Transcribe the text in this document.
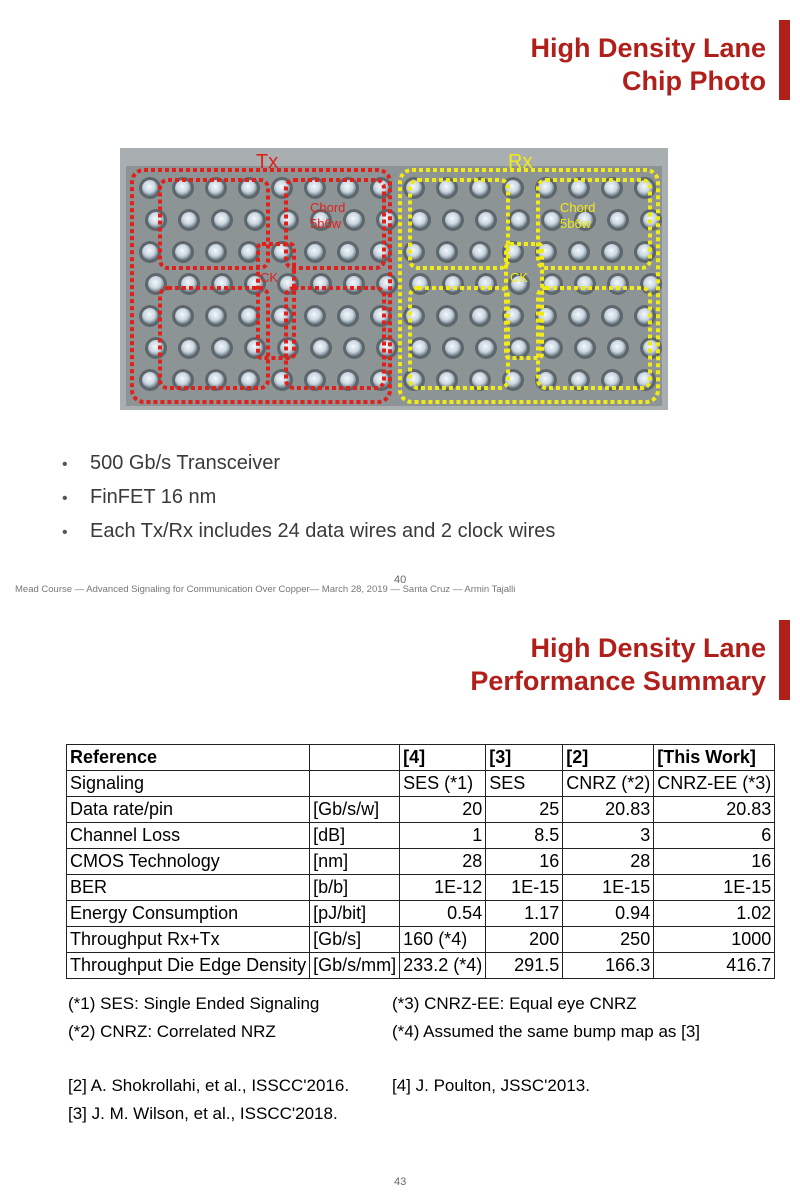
High Density Lane
Chip Photo
Tx	Rx
Chord
5b6w
Chord
5b6w
CK	CK
• 500 Gb/s Transceiver
• FinFET 16 nm
• Each Tx/Rx includes 24 data wires and 2 clock wires
40
Mead Course — Advanced Signaling for Communication Over Copper— March 28, 2019 — Santa Cruz — Armin Tajalli
High Density Lane
Performance Summary
Reference		[4]	[3]	[2]	[This Work]
Signaling		SES (*1)	SES	CNRZ (*2)	CNRZ-EE (*3)
Data rate/pin	[Gb/s/w]	20	25	20.83	20.83
Channel Loss	[dB]	1	8.5	3	6
CMOS Technology	[nm]	28	16	28	16
BER	[b/b]	1E-12	1E-15	1E-15	1E-15
Energy Consumption	[pJ/bit]	0.54	1.17	0.94	1.02
Throughput Rx+Tx	[Gb/s]	160 (*4)	200	250	1000
Throughput Die Edge Density	[Gb/s/mm]	233.2 (*4)	291.5	166.3	416.7
(*1) SES: Single Ended Signaling
(*2) CNRZ: Correlated NRZ
(*3) CNRZ-EE: Equal eye CNRZ
(*4) Assumed the same bump map as [3]
[2] A. Shokrollahi, et al., ISSCC'2016.
[3] J. M. Wilson, et al., ISSCC'2018.
[4] J. Poulton, JSSC'2013.
43
